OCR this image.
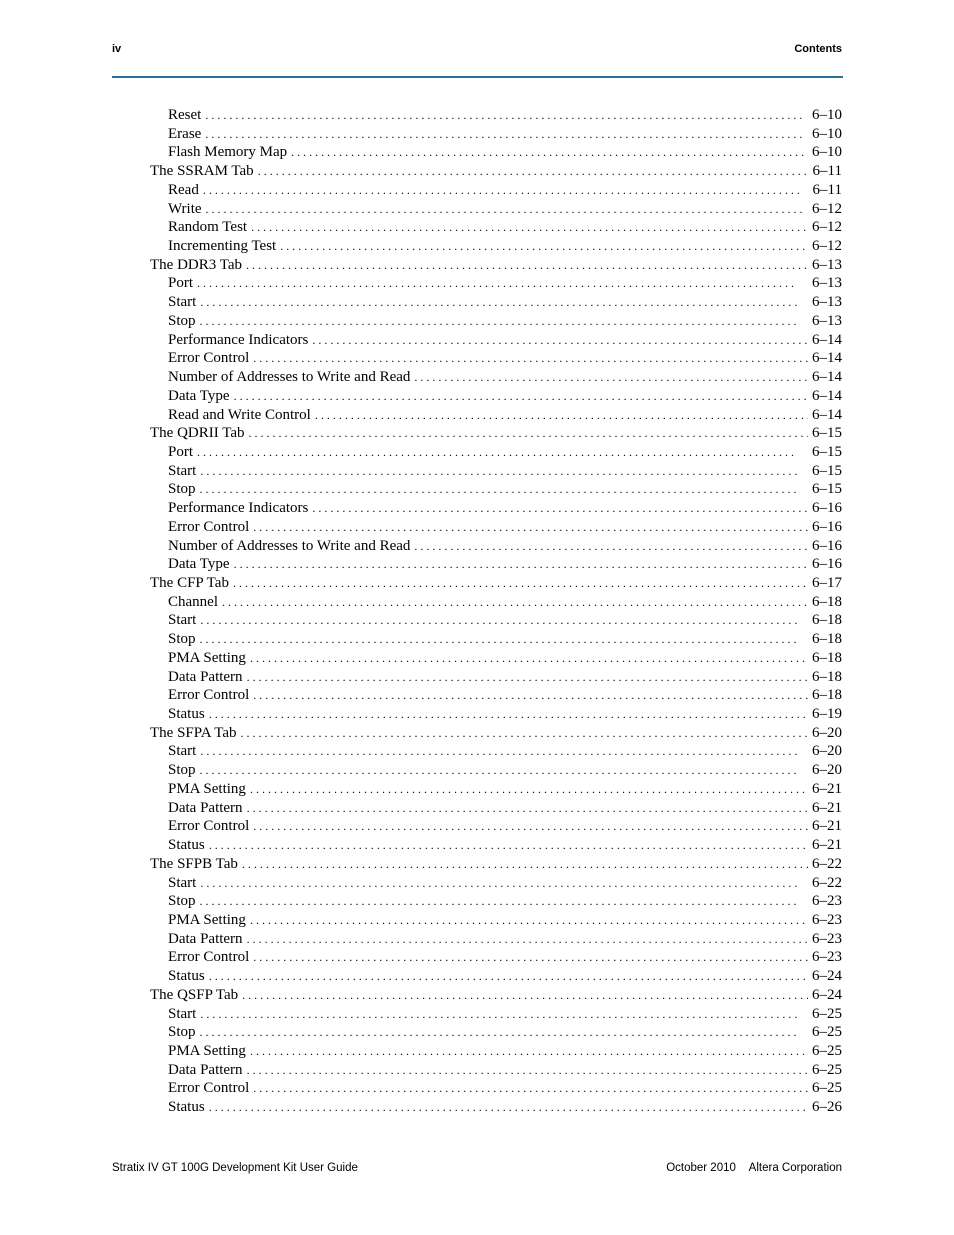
iv	Contents
Reset . . .	6–10
Erase . . .	6–10
Flash Memory Map . . .	6–10
The SSRAM Tab . . .	6–11
Read . . .	6–11
Write . . .	6–12
Random Test . . .	6–12
Incrementing Test . . .	6–12
The DDR3 Tab . . .	6–13
Port . . .	6–13
Start . . .	6–13
Stop . . .	6–13
Performance Indicators . . .	6–14
Error Control . . .	6–14
Number of Addresses to Write and Read . . .	6–14
Data Type . . .	6–14
Read and Write Control . . .	6–14
The QDRII Tab . . .	6–15
Port . . .	6–15
Start . . .	6–15
Stop . . .	6–15
Performance Indicators . . .	6–16
Error Control . . .	6–16
Number of Addresses to Write and Read . . .	6–16
Data Type . . .	6–16
The CFP Tab . . .	6–17
Channel . . .	6–18
Start . . .	6–18
Stop . . .	6–18
PMA Setting . . .	6–18
Data Pattern . . .	6–18
Error Control . . .	6–18
Status . . .	6–19
The SFPA Tab . . .	6–20
Start . . .	6–20
Stop . . .	6–20
PMA Setting . . .	6–21
Data Pattern . . .	6–21
Error Control . . .	6–21
Status . . .	6–21
The SFPB Tab . . .	6–22
Start . . .	6–22
Stop . . .	6–23
PMA Setting . . .	6–23
Data Pattern . . .	6–23
Error Control . . .	6–23
Status . . .	6–24
The QSFP Tab . . .	6–24
Start . . .	6–25
Stop . . .	6–25
PMA Setting . . .	6–25
Data Pattern . . .	6–25
Error Control . . .	6–25
Status . . .	6–26
Stratix IV GT 100G Development Kit User Guide	October 2010 Altera Corporation
